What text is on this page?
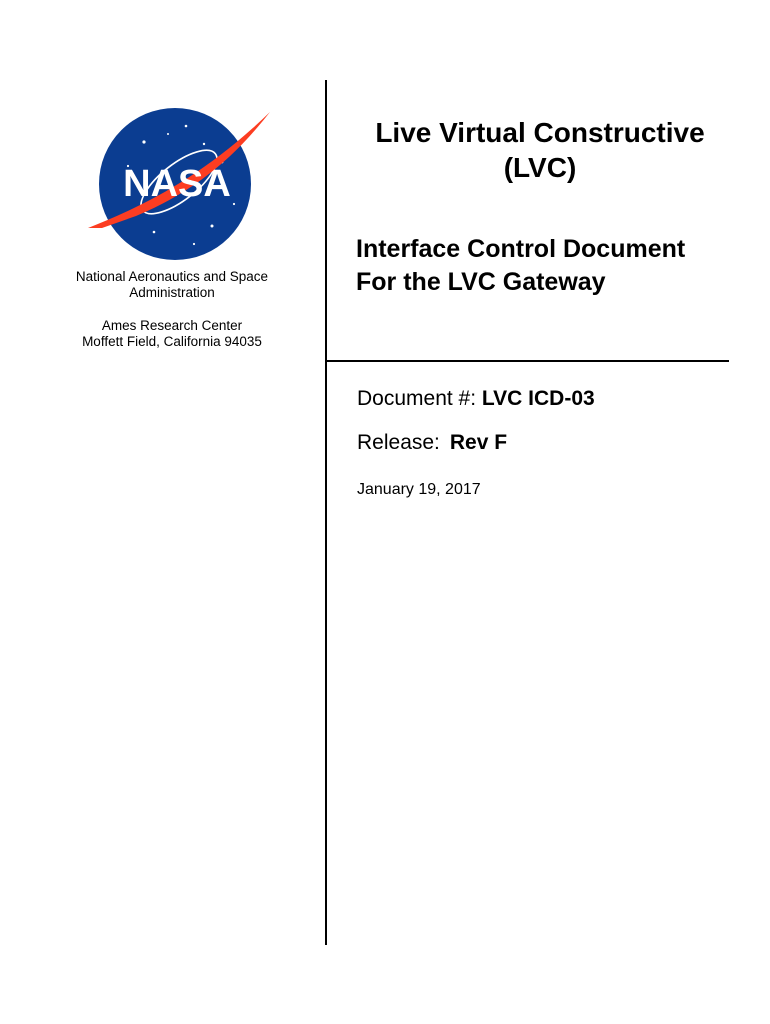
NASA
National Aeronautics and Space
Administration
Ames Research Center
Moffett Field, California 94035
Live Virtual Constructive
(LVC)
Interface Control Document
For the LVC Gateway
Document #: LVC ICD-03
Release: Rev F
January 19, 2017
